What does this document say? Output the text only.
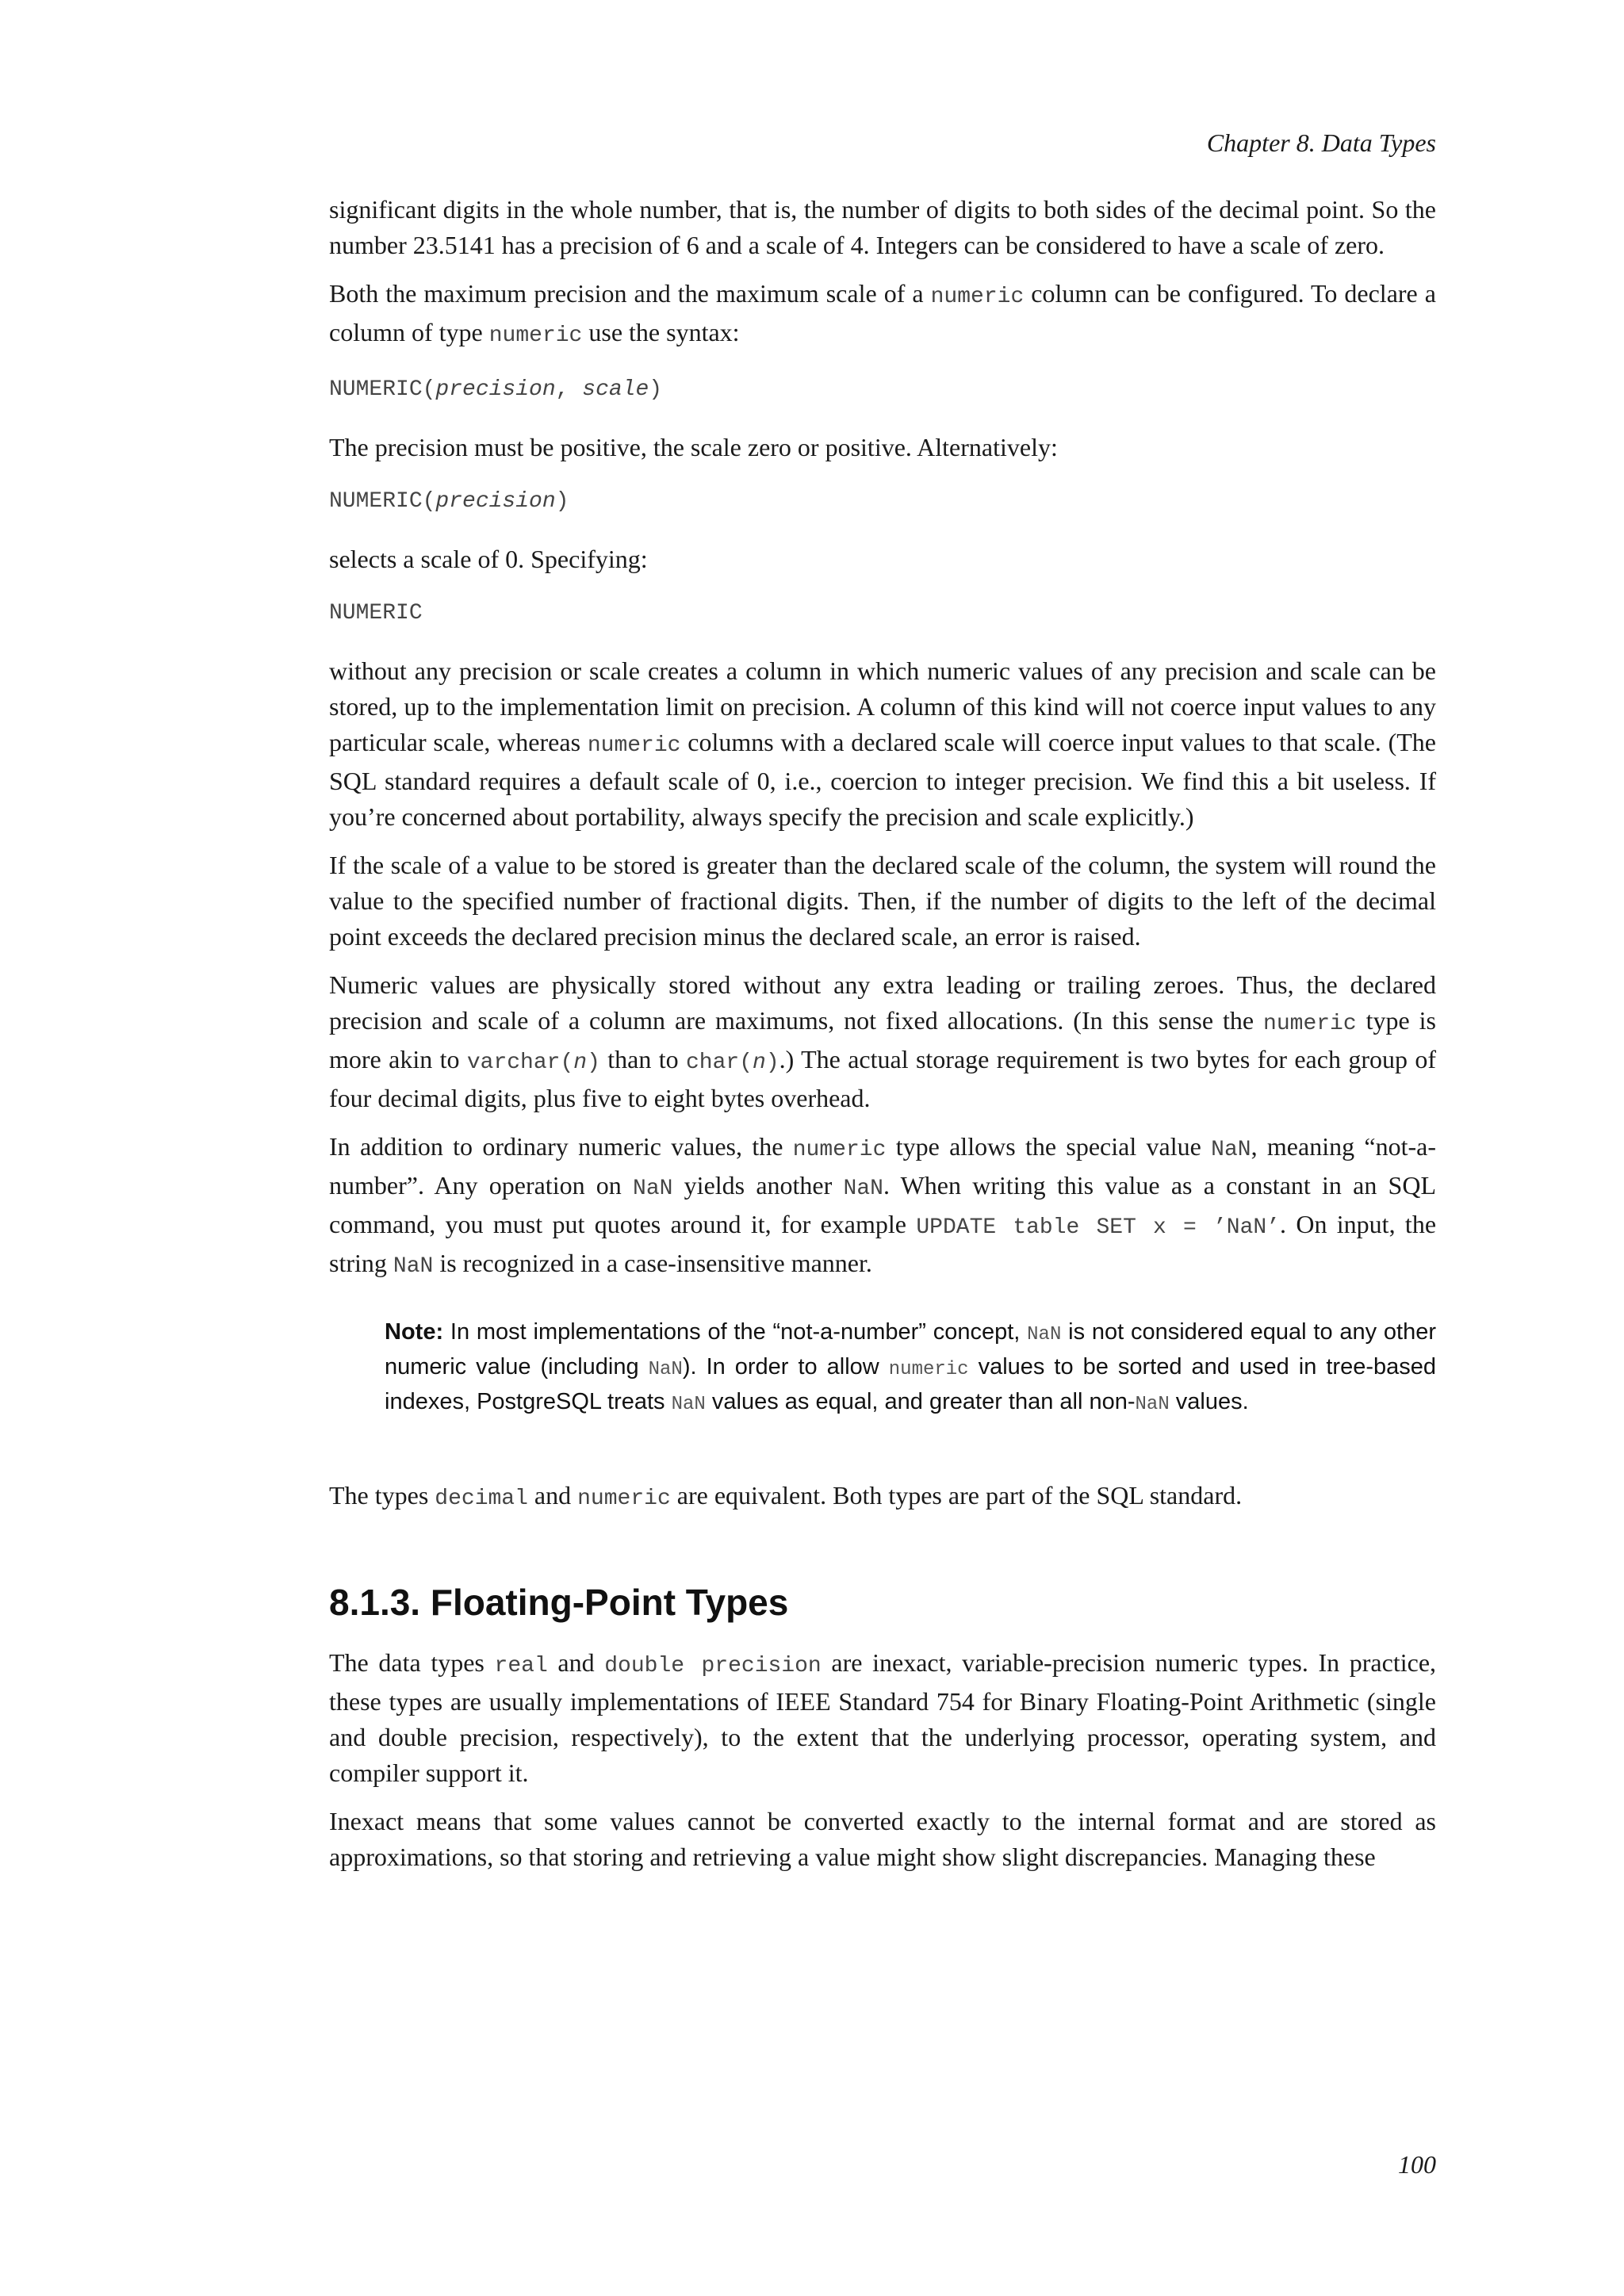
Chapter 8. Data Types

significant digits in the whole number, that is, the number of digits to both sides of the decimal point. So the number 23.5141 has a precision of 6 and a scale of 4. Integers can be considered to have a scale of zero.

Both the maximum precision and the maximum scale of a numeric column can be configured. To declare a column of type numeric use the syntax:

NUMERIC(precision, scale)

The precision must be positive, the scale zero or positive. Alternatively:

NUMERIC(precision)

selects a scale of 0. Specifying:

NUMERIC

without any precision or scale creates a column in which numeric values of any precision and scale can be stored, up to the implementation limit on precision. A column of this kind will not coerce input values to any particular scale, whereas numeric columns with a declared scale will coerce input values to that scale. (The SQL standard requires a default scale of 0, i.e., coercion to integer precision. We find this a bit useless. If you’re concerned about portability, always specify the precision and scale explicitly.)

If the scale of a value to be stored is greater than the declared scale of the column, the system will round the value to the specified number of fractional digits. Then, if the number of digits to the left of the decimal point exceeds the declared precision minus the declared scale, an error is raised.

Numeric values are physically stored without any extra leading or trailing zeroes. Thus, the declared precision and scale of a column are maximums, not fixed allocations. (In this sense the numeric type is more akin to varchar(n) than to char(n).) The actual storage requirement is two bytes for each group of four decimal digits, plus five to eight bytes overhead.

In addition to ordinary numeric values, the numeric type allows the special value NaN, meaning “not-a-number”. Any operation on NaN yields another NaN. When writing this value as a constant in an SQL command, you must put quotes around it, for example UPDATE table SET x = ’NaN’. On input, the string NaN is recognized in a case-insensitive manner.

Note: In most implementations of the “not-a-number” concept, NaN is not considered equal to any other numeric value (including NaN). In order to allow numeric values to be sorted and used in tree-based indexes, PostgreSQL treats NaN values as equal, and greater than all non-NaN values.

The types decimal and numeric are equivalent. Both types are part of the SQL standard.

8.1.3. Floating-Point Types

The data types real and double precision are inexact, variable-precision numeric types. In practice, these types are usually implementations of IEEE Standard 754 for Binary Floating-Point Arithmetic (single and double precision, respectively), to the extent that the underlying processor, operating system, and compiler support it.

Inexact means that some values cannot be converted exactly to the internal format and are stored as approximations, so that storing and retrieving a value might show slight discrepancies. Managing these

100
